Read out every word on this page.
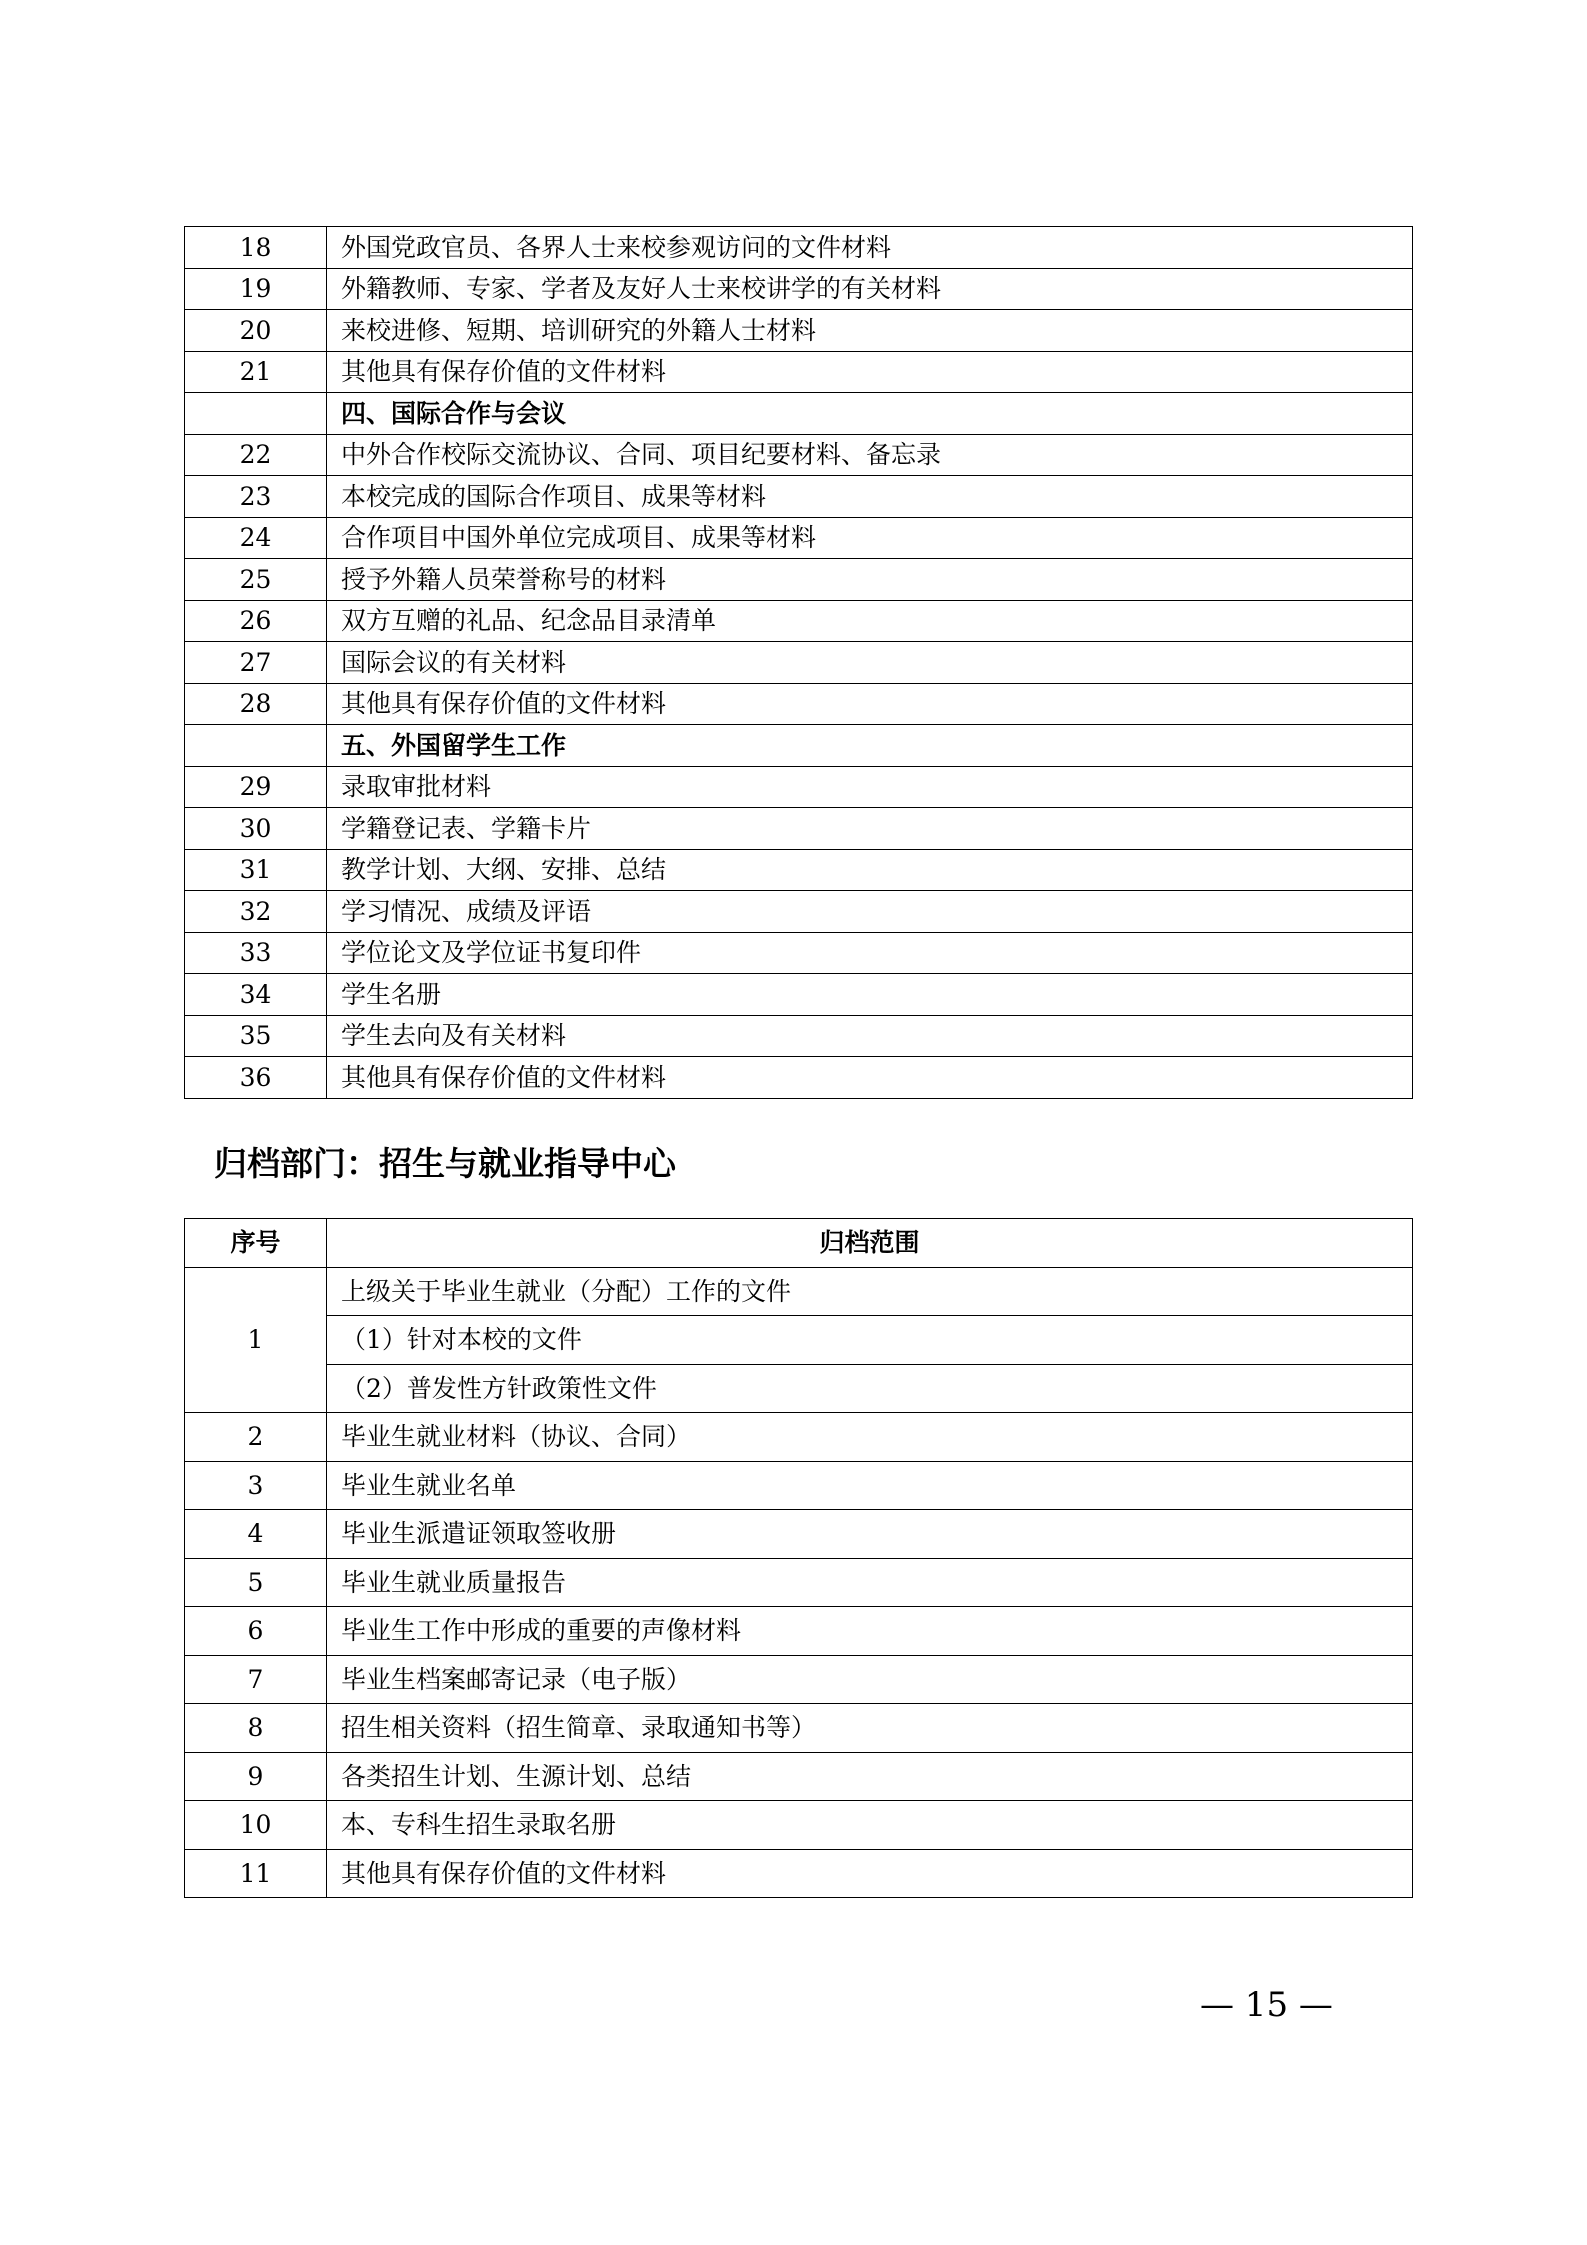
18	外国党政官员、各界人士来校参观访问的文件材料
19	外籍教师、专家、学者及友好人士来校讲学的有关材料
20	来校进修、短期、培训研究的外籍人士材料
21	其他具有保存价值的文件材料
	四、国际合作与会议
22	中外合作校际交流协议、合同、项目纪要材料、备忘录
23	本校完成的国际合作项目、成果等材料
24	合作项目中国外单位完成项目、成果等材料
25	授予外籍人员荣誉称号的材料
26	双方互赠的礼品、纪念品目录清单
27	国际会议的有关材料
28	其他具有保存价值的文件材料
	五、外国留学生工作
29	录取审批材料
30	学籍登记表、学籍卡片
31	教学计划、大纲、安排、总结
32	学习情况、成绩及评语
33	学位论文及学位证书复印件
34	学生名册
35	学生去向及有关材料
36	其他具有保存价值的文件材料
归档部门：招生与就业指导中心
序号	归档范围
1	上级关于毕业生就业（分配）工作的文件
	（1）针对本校的文件
	（2）普发性方针政策性文件
2	毕业生就业材料（协议、合同）
3	毕业生就业名单
4	毕业生派遣证领取签收册
5	毕业生就业质量报告
6	毕业生工作中形成的重要的声像材料
7	毕业生档案邮寄记录（电子版）
8	招生相关资料（招生简章、录取通知书等）
9	各类招生计划、生源计划、总结
10	本、专科生招生录取名册
11	其他具有保存价值的文件材料
— 15 —
